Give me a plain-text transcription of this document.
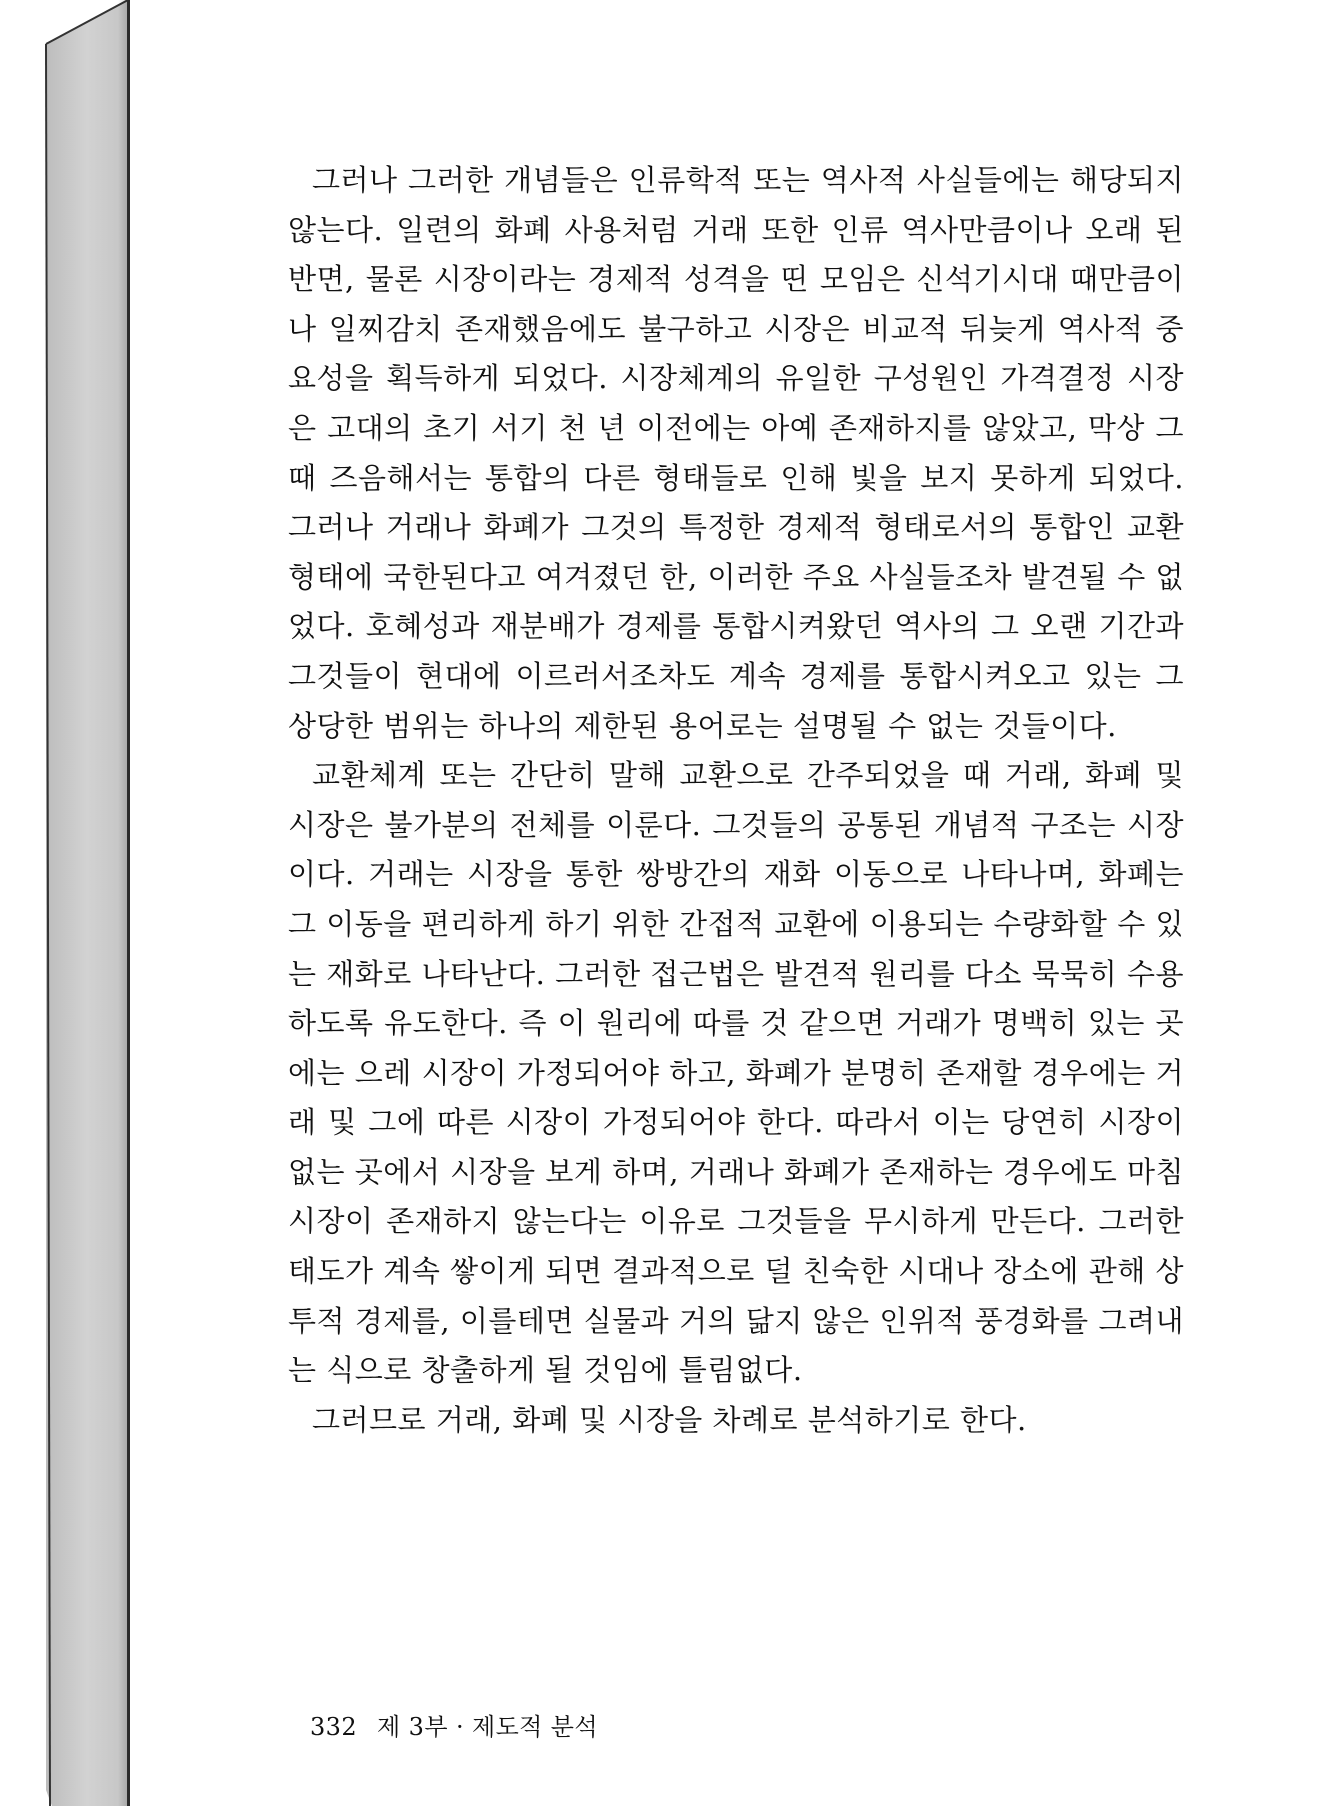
그러나 그러한 개념들은 인류학적 또는 역사적 사실들에는 해당되지 않는다. 일련의 화폐 사용처럼 거래 또한 인류 역사만큼이나 오래 된 반면, 물론 시장이라는 경제적 성격을 띤 모임은 신석기시대 때만큼이나 일찌감치 존재했음에도 불구하고 시장은 비교적 뒤늦게 역사적 중요성을 획득하게 되었다. 시장체계의 유일한 구성원인 가격결정 시장은 고대의 초기 서기 천 년 이전에는 아예 존재하지를 않았고, 막상 그때 즈음해서는 통합의 다른 형태들로 인해 빛을 보지 못하게 되었다. 그러나 거래나 화폐가 그것의 특정한 경제적 형태로서의 통합인 교환형태에 국한된다고 여겨졌던 한, 이러한 주요 사실들조차 발견될 수 없었다. 호혜성과 재분배가 경제를 통합시켜왔던 역사의 그 오랜 기간과 그것들이 현대에 이르러서조차도 계속 경제를 통합시켜오고 있는 그 상당한 범위는 하나의 제한된 용어로는 설명될 수 없는 것들이다.

교환체계 또는 간단히 말해 교환으로 간주되었을 때 거래, 화폐 및 시장은 불가분의 전체를 이룬다. 그것들의 공통된 개념적 구조는 시장이다. 거래는 시장을 통한 쌍방간의 재화 이동으로 나타나며, 화폐는 그 이동을 편리하게 하기 위한 간접적 교환에 이용되는 수량화할 수 있는 재화로 나타난다. 그러한 접근법은 발견적 원리를 다소 묵묵히 수용하도록 유도한다. 즉 이 원리에 따를 것 같으면 거래가 명백히 있는 곳에는 으레 시장이 가정되어야 하고, 화폐가 분명히 존재할 경우에는 거래 및 그에 따른 시장이 가정되어야 한다. 따라서 이는 당연히 시장이 없는 곳에서 시장을 보게 하며, 거래나 화폐가 존재하는 경우에도 마침 시장이 존재하지 않는다는 이유로 그것들을 무시하게 만든다. 그러한 태도가 계속 쌓이게 되면 결과적으로 덜 친숙한 시대나 장소에 관해 상투적 경제를, 이를테면 실물과 거의 닮지 않은 인위적 풍경화를 그려내는 식으로 창출하게 될 것임에 틀림없다.

그러므로 거래, 화폐 및 시장을 차례로 분석하기로 한다.

332 제 3부 · 제도적 분석
